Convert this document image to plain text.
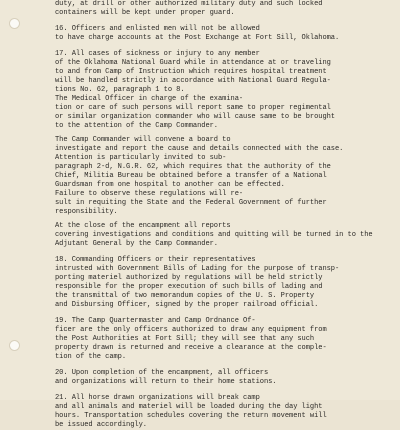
duty, at drill or other authorized military duty and such locked
containers will be kept under proper guard.
16. Officers and enlisted men will not be allowed
to have charge accounts at the Post Exchange at Fort Sill, Oklahoma.
17. All cases of sickness or injury to any member
of the Oklahoma National Guard while in attendance at or traveling
to and from Camp of Instruction which requires hospital treatment
will be handled strictly in accordance with National Guard Regula-
tions No. 62, paragraph 1 to 8.
The Medical Officer in charge of the examina-
tion or care of such persons will report same to proper regimental
or similar organization commander who will cause same to be brought
to the attention of the Camp Commander.
The Camp Commander will convene a board to
investigate and report the cause and details connected with the case.
Attention is particularly invited to sub-
paragraph 2-d, N.G.R. 62, which requires that the authority of the
Chief, Militia Bureau be obtained before a transfer of a National
Guardsman from one hospital to another can be effected.
Failure to observe these regulations will re-
sult in requiting the State and the Federal Government of further
responsibility.
At the close of the encampment all reports
covering investigations and conditions and quitting will be turned in to the
Adjutant General by the Camp Commander.
18. Commanding Officers or their representatives
intrusted with Government Bills of Lading for the purpose of transp-
porting materiel authorized by regulations will be held strictly
responsible for the proper execution of such bills of lading and
the transmittal of two memorandum copies of the U. S. Property
and Disbursing Officer, signed by the proper railroad official.
19. The Camp Quartermaster and Camp Ordnance Of-
ficer are the only officers authorized to draw any equipment from
the Post Authorities at Fort Sill; they will see that any such
property drawn is returned and receive a clearance at the comple-
tion of the camp.
20. Upon completion of the encampment, all officers
and organizations will return to their home stations.
21. All horse drawn organizations will break camp
and all animals and materiel will be loaded during the day light
hours. Transportation schedules covering the return movement will
be issued accordingly.
